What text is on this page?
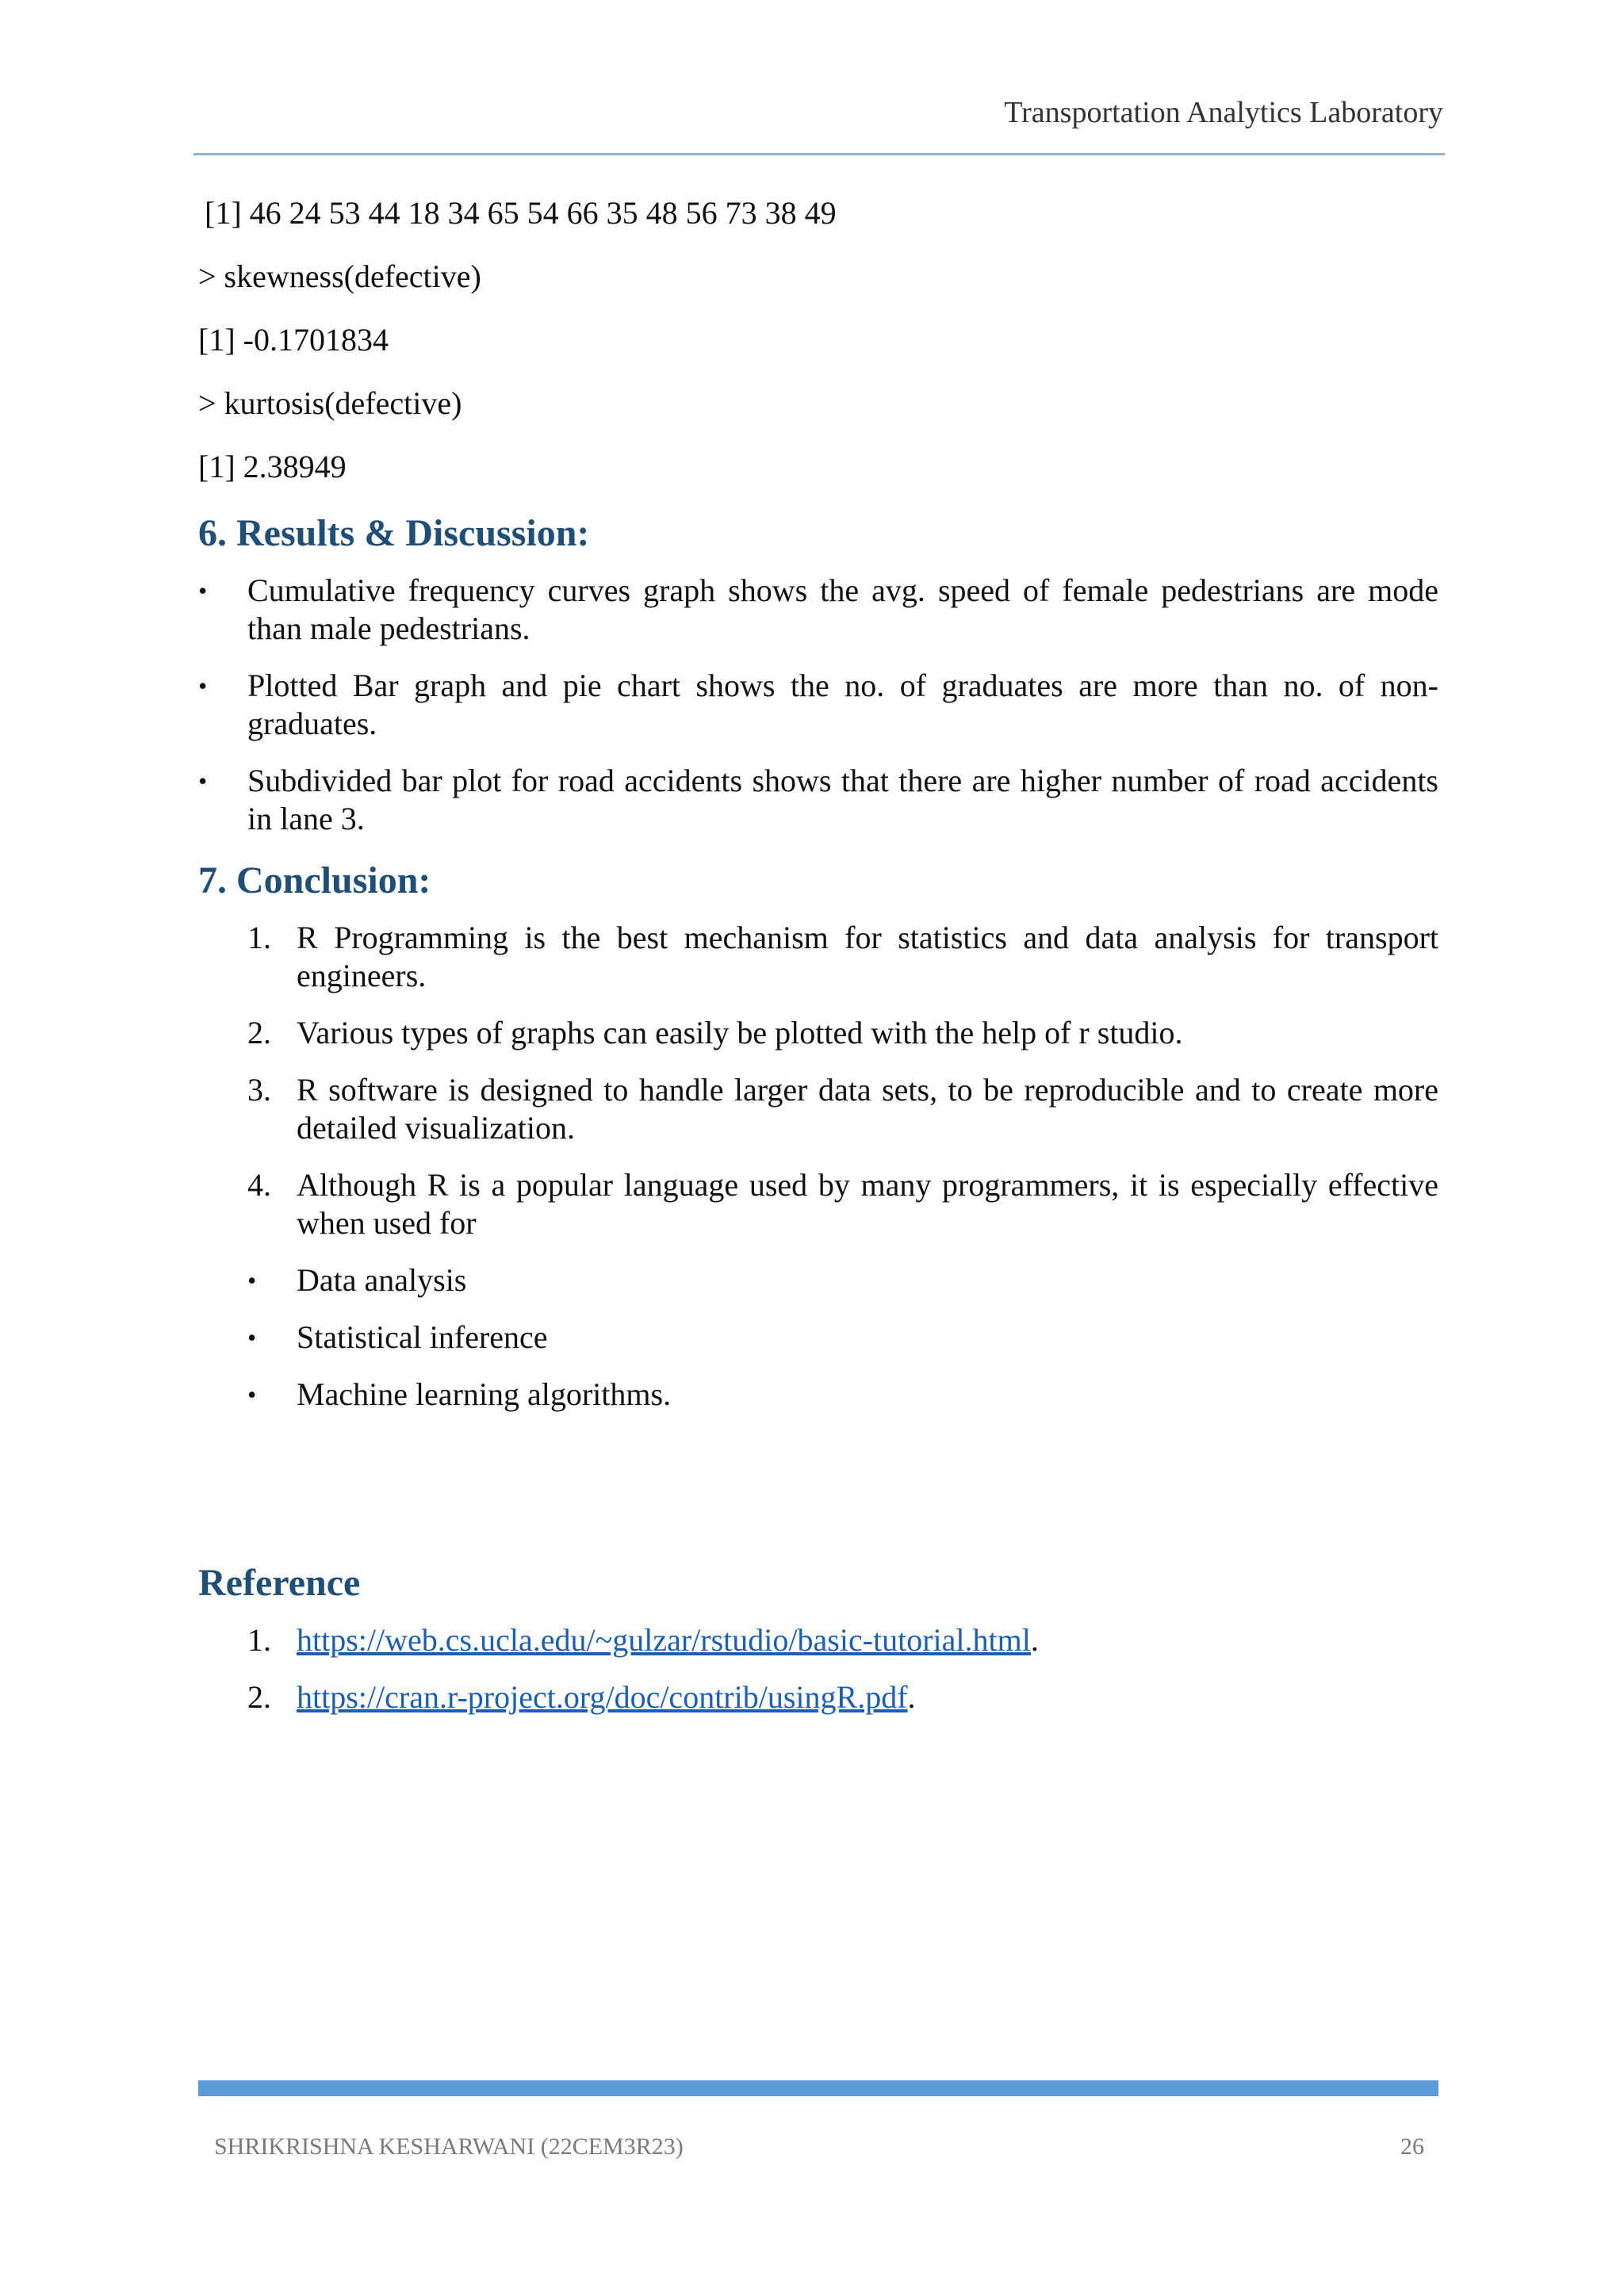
Transportation Analytics Laboratory

[1] 46 24 53 44 18 34 65 54 66 35 48 56 73 38 49

> skewness(defective)

[1] -0.1701834

> kurtosis(defective)

[1] 2.38949

6. Results & Discussion:
•	Cumulative frequency curves graph shows the avg. speed of female pedestrians are mode than male pedestrians.
•	Plotted Bar graph and pie chart shows the no. of graduates are more than no. of non-graduates.
•	Subdivided bar plot for road accidents shows that there are higher number of road accidents in lane 3.
7. Conclusion:
1. R Programming is the best mechanism for statistics and data analysis for transport engineers.
2. Various types of graphs can easily be plotted with the help of r studio.
3. R software is designed to handle larger data sets, to be reproducible and to create more detailed visualization.
4. Although R is a popular language used by many programmers, it is especially effective when used for
•	Data analysis
•	Statistical inference
•	Machine learning algorithms.
Reference
1. https://web.cs.ucla.edu/~gulzar/rstudio/basic-tutorial.html.
2. https://cran.r-project.org/doc/contrib/usingR.pdf.
SHRIKRISHNA KESHARWANI (22CEM3R23)	26
